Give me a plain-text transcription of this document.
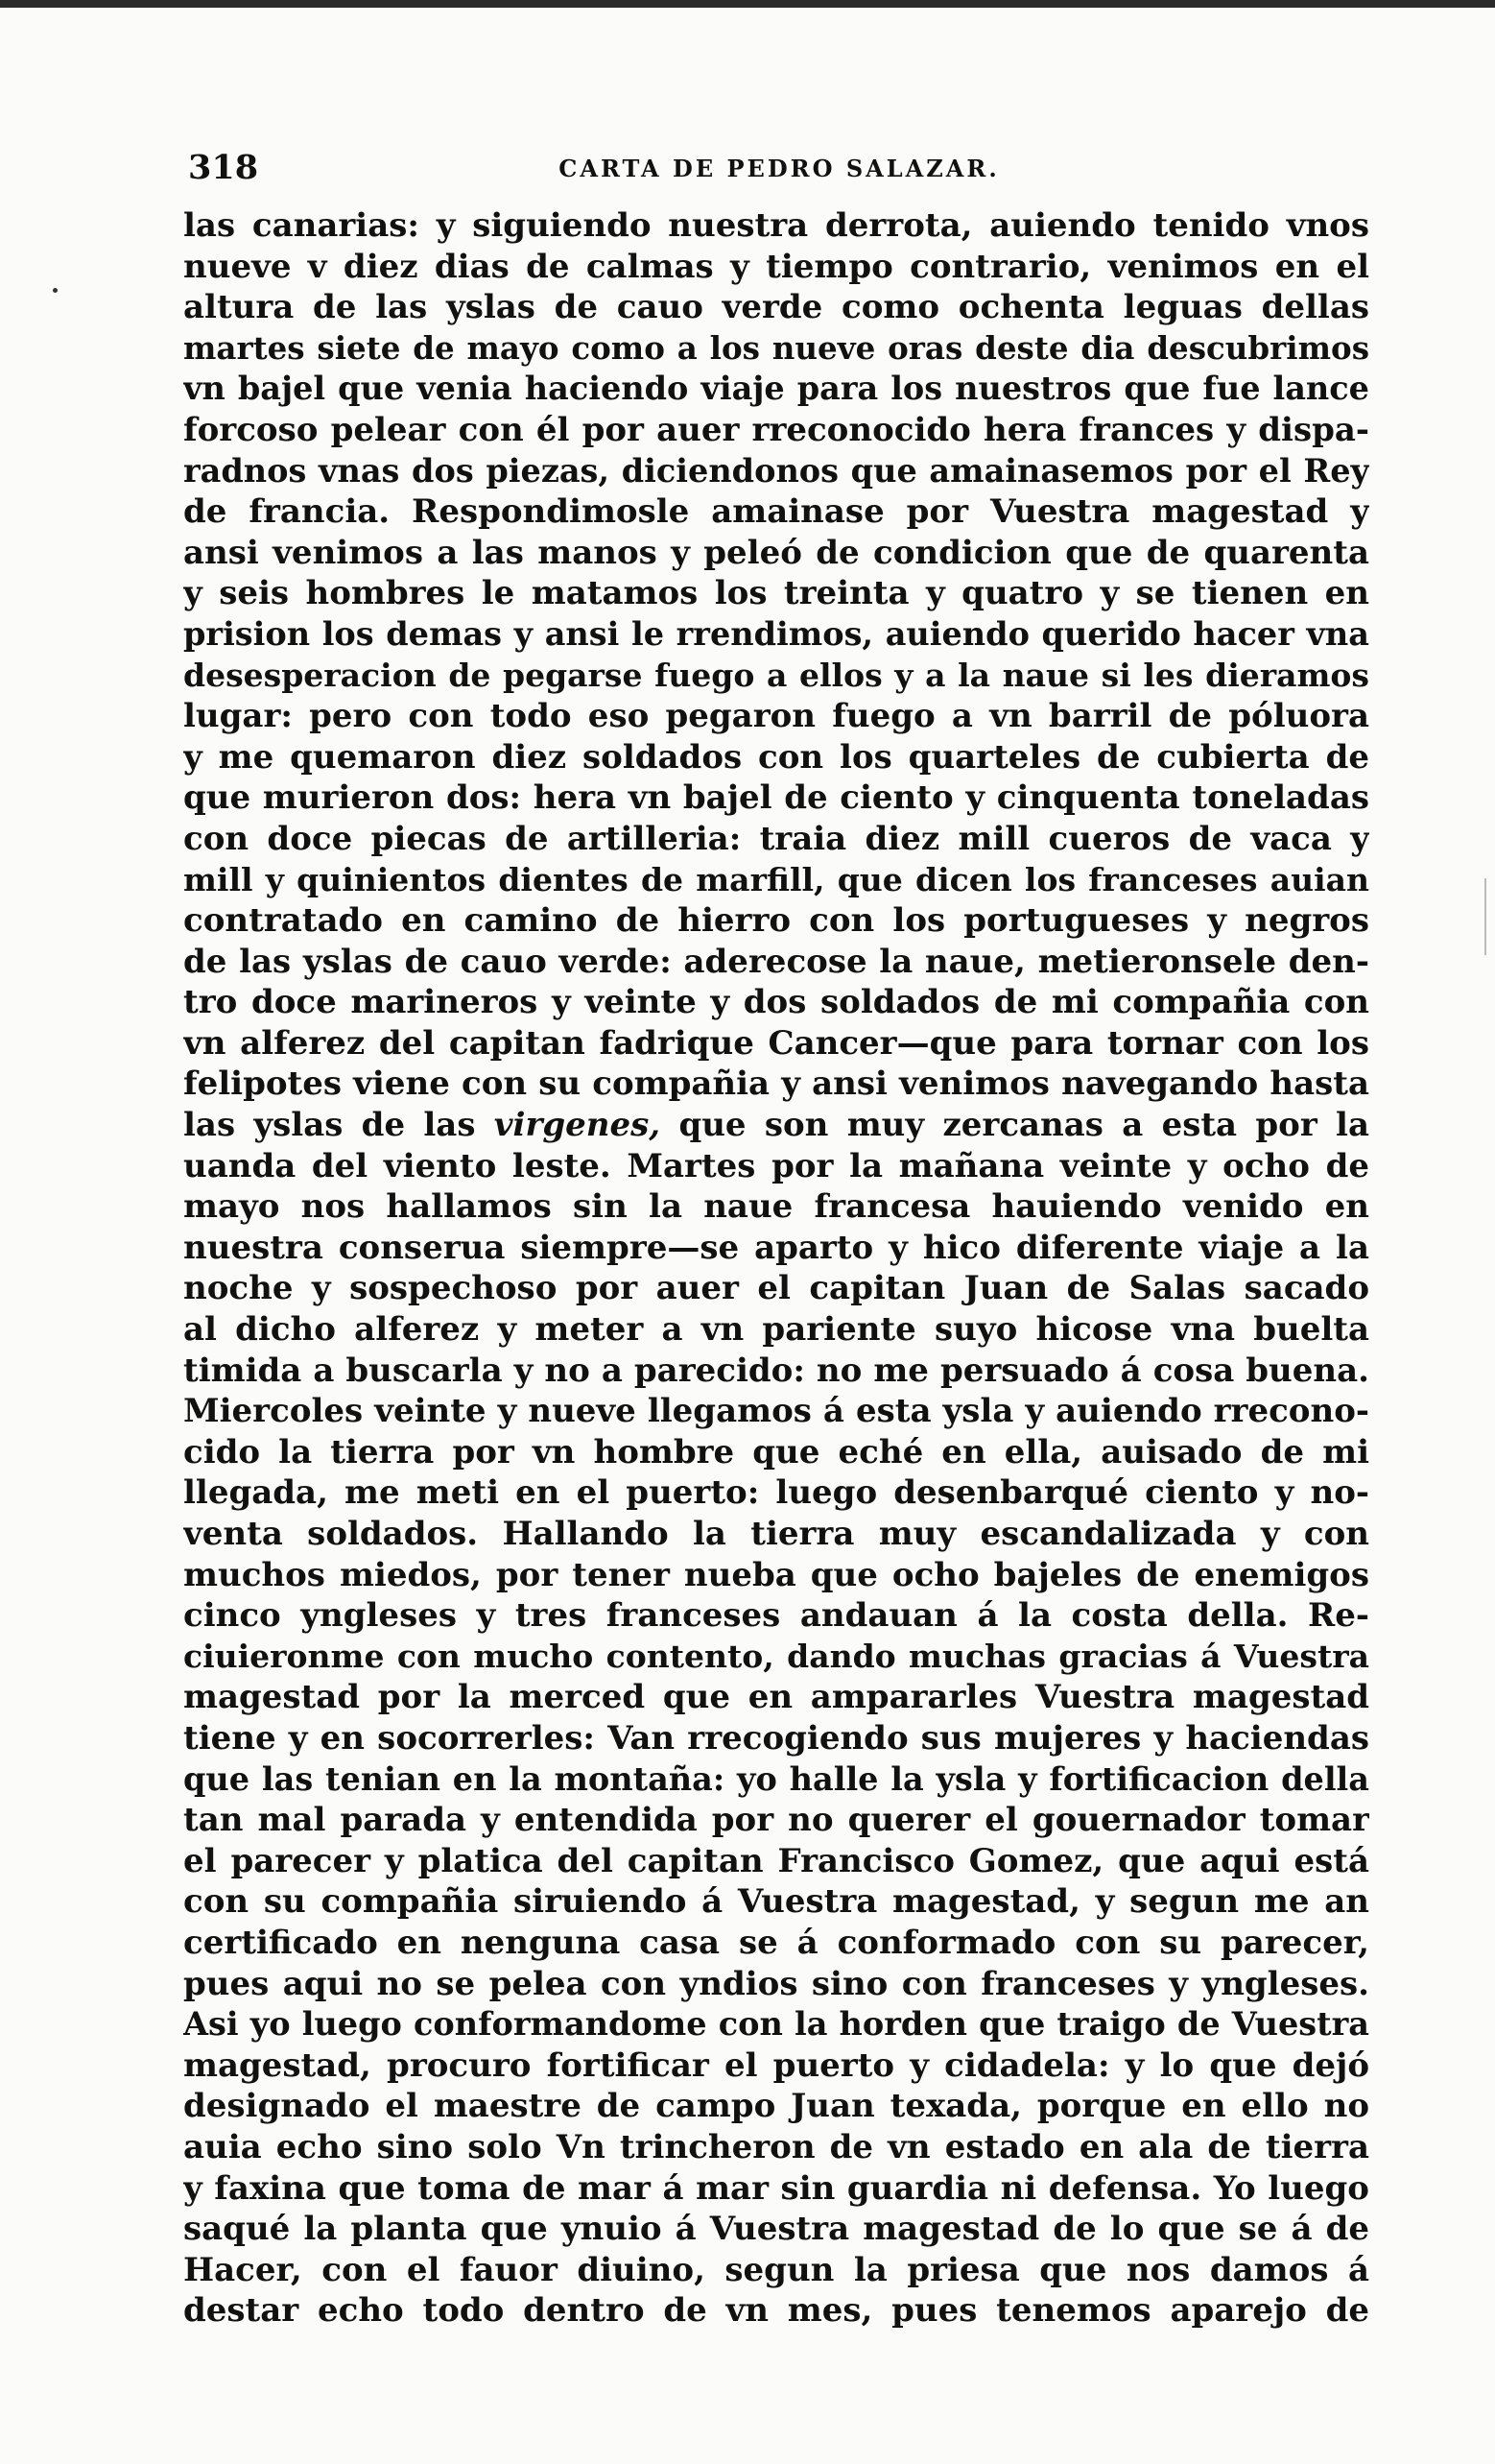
318	CARTA DE PEDRO SALAZAR.
las canarias: y siguiendo nuestra derrota, auiendo tenido vnos
nueve v diez dias de calmas y tiempo contrario, venimos en el
altura de las yslas de cauo verde como ochenta leguas dellas
martes siete de mayo como a los nueve oras deste dia descubrimos
vn bajel que venia haciendo viaje para los nuestros que fue lance
forcoso pelear con él por auer rreconocido hera frances y dispa-
radnos vnas dos piezas, diciendonos que amainasemos por el Rey
de francia. Respondimosle amainase por Vuestra magestad y
ansi venimos a las manos y peleó de condicion que de quarenta
y seis hombres le matamos los treinta y quatro y se tienen en
prision los demas y ansi le rrendimos, auiendo querido hacer vna
desesperacion de pegarse fuego a ellos y a la naue si les dieramos
lugar: pero con todo eso pegaron fuego a vn barril de póluora
y me quemaron diez soldados con los quarteles de cubierta de
que murieron dos: hera vn bajel de ciento y cinquenta toneladas
con doce piecas de artilleria: traia diez mill cueros de vaca y
mill y quinientos dientes de marfill, que dicen los franceses auian
contratado en camino de hierro con los portugueses y negros
de las yslas de cauo verde: aderecose la naue, metieronsele den-
tro doce marineros y veinte y dos soldados de mi compañia con
vn alferez del capitan fadrique Cancer—que para tornar con los
felipotes viene con su compañia y ansi venimos navegando hasta
las yslas de las virgenes, que son muy zercanas a esta por la
uanda del viento leste. Martes por la mañana veinte y ocho de
mayo nos hallamos sin la naue francesa hauiendo venido en
nuestra conserua siempre—se aparto y hico diferente viaje a la
noche y sospechoso por auer el capitan Juan de Salas sacado
al dicho alferez y meter a vn pariente suyo hicose vna buelta
timida a buscarla y no a parecido: no me persuado á cosa buena.
Miercoles veinte y nueve llegamos á esta ysla y auiendo rreconо-
cido la tierra por vn hombre que eché en ella, auisado de mi
llegada, me meti en el puerto: luego desenbarqué ciento y no-
venta soldados. Hallando la tierra muy escandalizada y con
muchos miedos, por tener nueba que ocho bajeles de enemigos
cinco yngleses y tres franceses andauan á la costa della. Re-
ciuieronme con mucho contento, dando muchas gracias á Vuestra
magestad por la merced que en ampararles Vuestra magestad
tiene y en socorrerles: Van rrecogiendo sus mujeres y haciendas
que las tenian en la montaña: yo halle la ysla y fortificacion della
tan mal parada y entendida por no querer el gouernador tomar
el parecer y platica del capitan Francisco Gomez, que aqui está
con su compañia siruiendo á Vuestra magestad, y segun me an
certificado en nenguna casa se á conformado con su parecer,
pues aqui no se pelea con yndios sino con franceses y yngleses.
Asi yo luego conformandome con la horden que traigo de Vuestra
magestad, procuro fortificar el puerto y cidadela: y lo que dejó
designado el maestre de campo Juan texada, porque en ello no
auia echo sino solo Vn trincheron de vn estado en ala de tierra
y faxina que toma de mar á mar sin guardia ni defensa. Yo luego
saqué la planta que ynuio á Vuestra magestad de lo que se á de
Hacer, con el fauor diuino, segun la priesa que nos damos á
destar echo todo dentro de vn mes, pues tenemos aparejo de
